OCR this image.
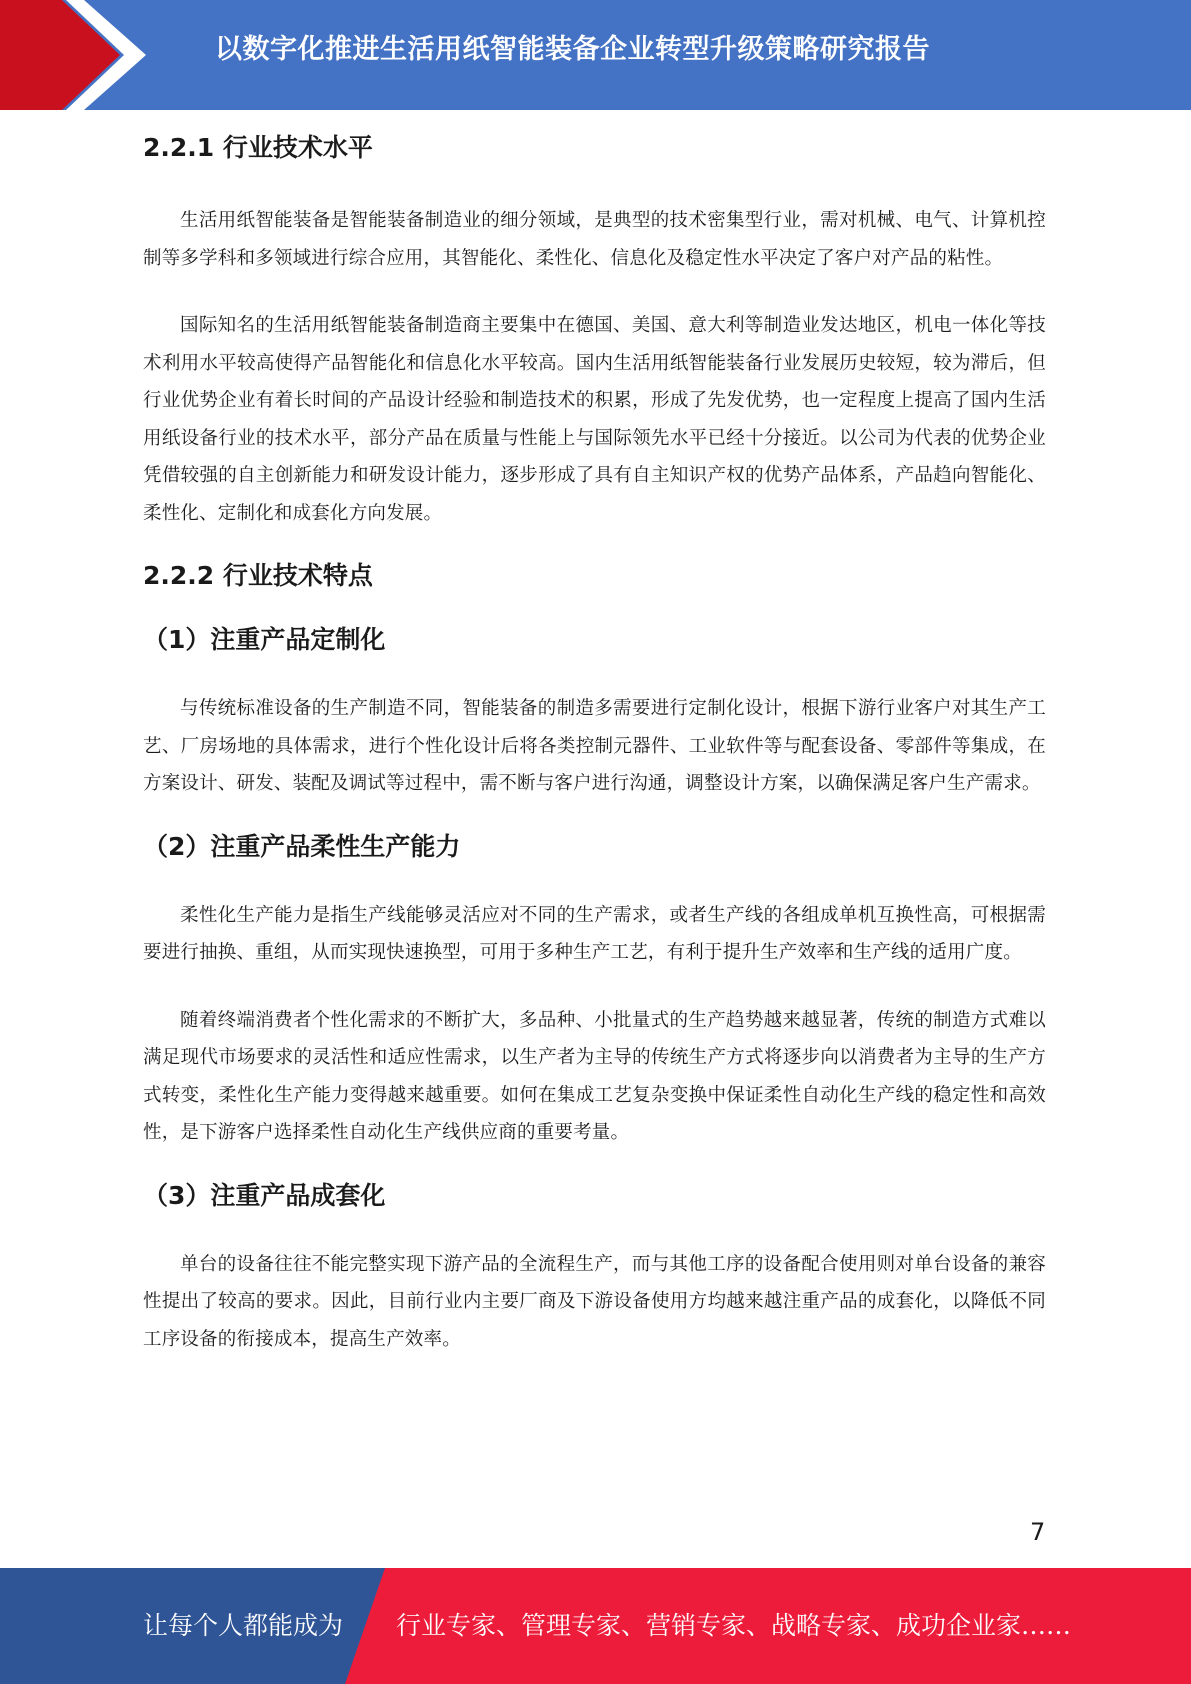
以数字化推进生活用纸智能装备企业转型升级策略研究报告
2.2.1 行业技术水平

生活用纸智能装备是智能装备制造业的细分领域，是典型的技术密集型行业，需对机械、电气、计算机控制等多学科和多领域进行综合应用，其智能化、柔性化、信息化及稳定性水平决定了客户对产品的粘性。

国际知名的生活用纸智能装备制造商主要集中在德国、美国、意大利等制造业发达地区，机电一体化等技术利用水平较高使得产品智能化和信息化水平较高。国内生活用纸智能装备行业发展历史较短，较为滞后，但行业优势企业有着长时间的产品设计经验和制造技术的积累，形成了先发优势，也一定程度上提高了国内生活用纸设备行业的技术水平，部分产品在质量与性能上与国际领先水平已经十分接近。以公司为代表的优势企业凭借较强的自主创新能力和研发设计能力，逐步形成了具有自主知识产权的优势产品体系，产品趋向智能化、柔性化、定制化和成套化方向发展。

2.2.2 行业技术特点
（1）注重产品定制化

与传统标准设备的生产制造不同，智能装备的制造多需要进行定制化设计，根据下游行业客户对其生产工艺、厂房场地的具体需求，进行个性化设计后将各类控制元器件、工业软件等与配套设备、零部件等集成，在方案设计、研发、装配及调试等过程中，需不断与客户进行沟通，调整设计方案，以确保满足客户生产需求。

（2）注重产品柔性生产能力

柔性化生产能力是指生产线能够灵活应对不同的生产需求，或者生产线的各组成单机互换性高，可根据需要进行抽换、重组，从而实现快速换型，可用于多种生产工艺，有利于提升生产效率和生产线的适用广度。

随着终端消费者个性化需求的不断扩大，多品种、小批量式的生产趋势越来越显著，传统的制造方式难以满足现代市场要求的灵活性和适应性需求，以生产者为主导的传统生产方式将逐步向以消费者为主导的生产方式转变，柔性化生产能力变得越来越重要。如何在集成工艺复杂变换中保证柔性自动化生产线的稳定性和高效性，是下游客户选择柔性自动化生产线供应商的重要考量。

（3）注重产品成套化

单台的设备往往不能完整实现下游产品的全流程生产，而与其他工序的设备配合使用则对单台设备的兼容性提出了较高的要求。因此，目前行业内主要厂商及下游设备使用方均越来越注重产品的成套化，以降低不同工序设备的衔接成本，提高生产效率。

7
让每个人都能成为 行业专家、管理专家、营销专家、战略专家、成功企业家……
